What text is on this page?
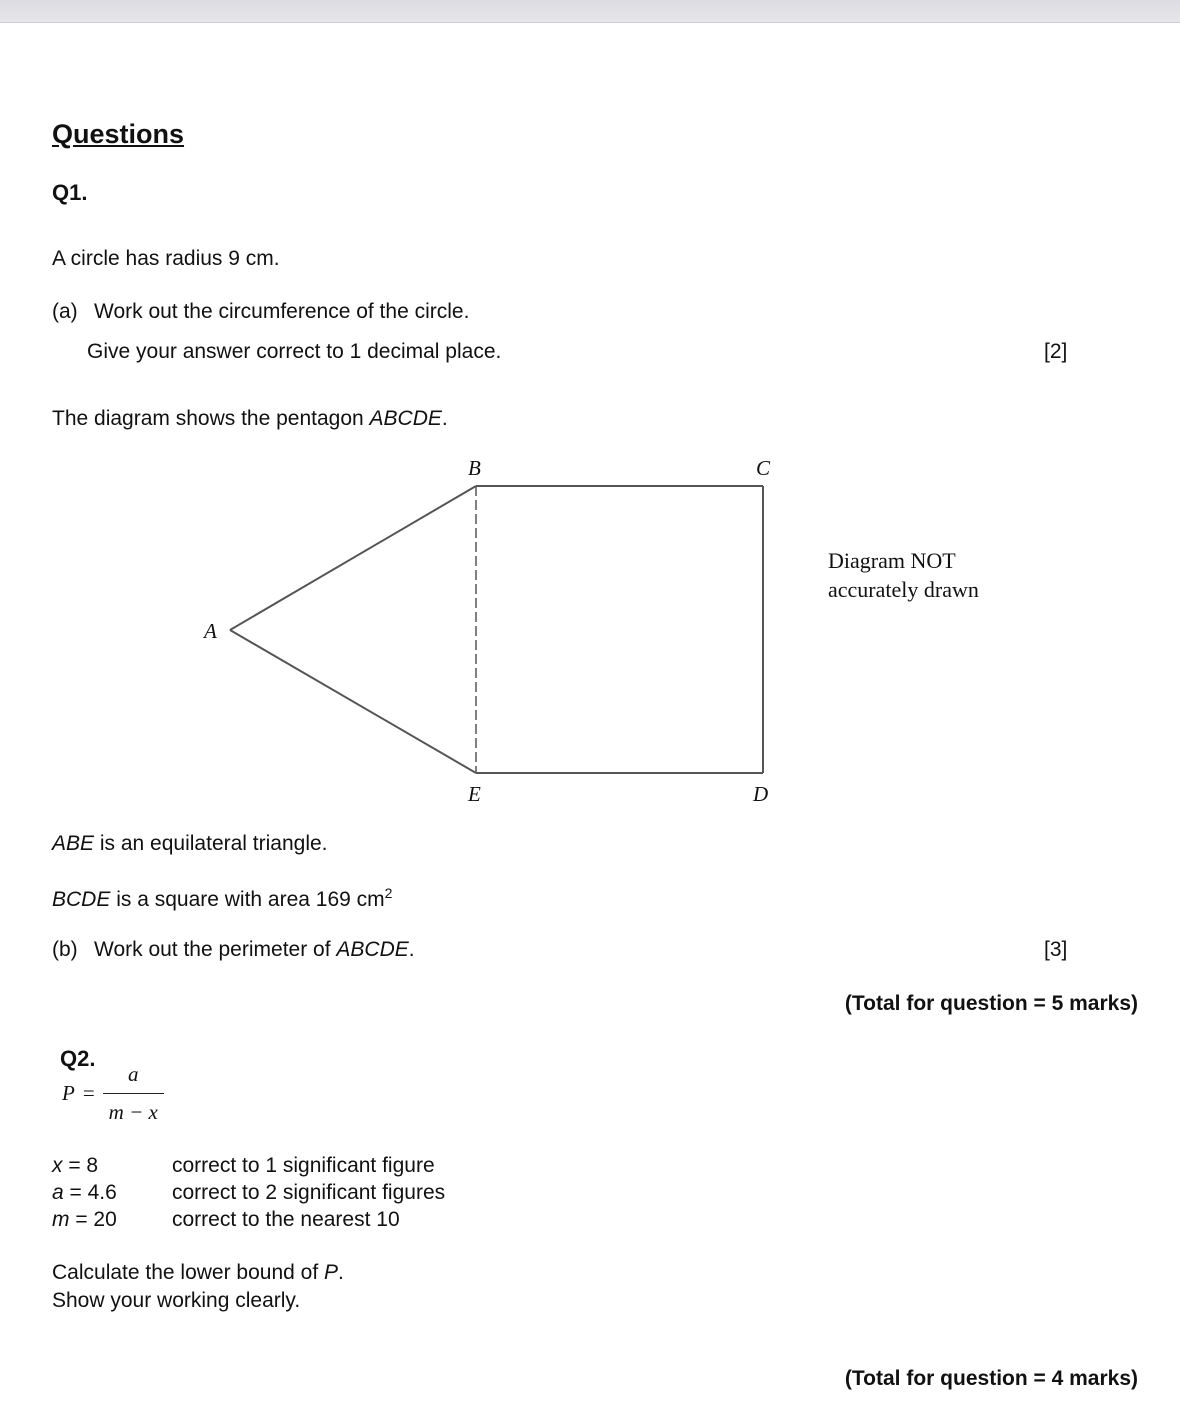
Questions
Q1.
A circle has radius 9 cm.
(a) Work out the circumference of the circle.
Give your answer correct to 1 decimal place.	[2]
The diagram shows the pentagon ABCDE.
B	C
A
E	D
Diagram NOT
accurately drawn
ABE is an equilateral triangle.
BCDE is a square with area 169 $cm^2$
(b) Work out the perimeter of ABCDE.	[3]
(Total for question = 5 marks)
Q2.
$P = \frac{a}{m - x}$
x = 8	correct to 1 significant figure
a = 4.6	correct to 2 significant figures
m = 20	correct to the nearest 10
Calculate the lower bound of P.
Show your working clearly.
(Total for question = 4 marks)
